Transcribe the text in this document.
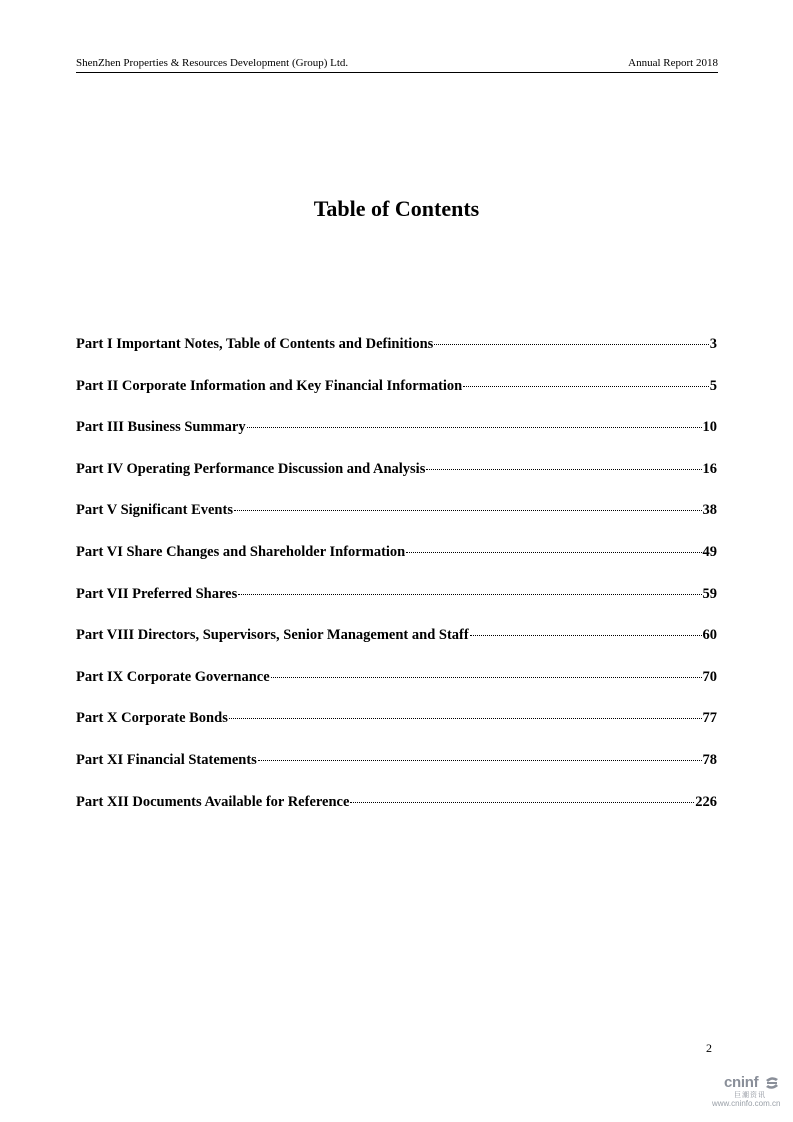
ShenZhen Properties & Resources Development (Group) Ltd.	Annual Report 2018
Table of Contents
Part I Important Notes, Table of Contents and Definitions	3
Part II Corporate Information and Key Financial Information	5
Part III Business Summary	10
Part IV Operating Performance Discussion and Analysis	16
Part V Significant Events	38
Part VI Share Changes and Shareholder Information	49
Part VII Preferred Shares	59
Part VIII Directors, Supervisors, Senior Management and Staff	60
Part IX Corporate Governance	70
Part X Corporate Bonds	77
Part XI Financial Statements	78
Part XII Documents Available for Reference	226
2
cninf
巨潮资讯
www.cninfo.com.cn
